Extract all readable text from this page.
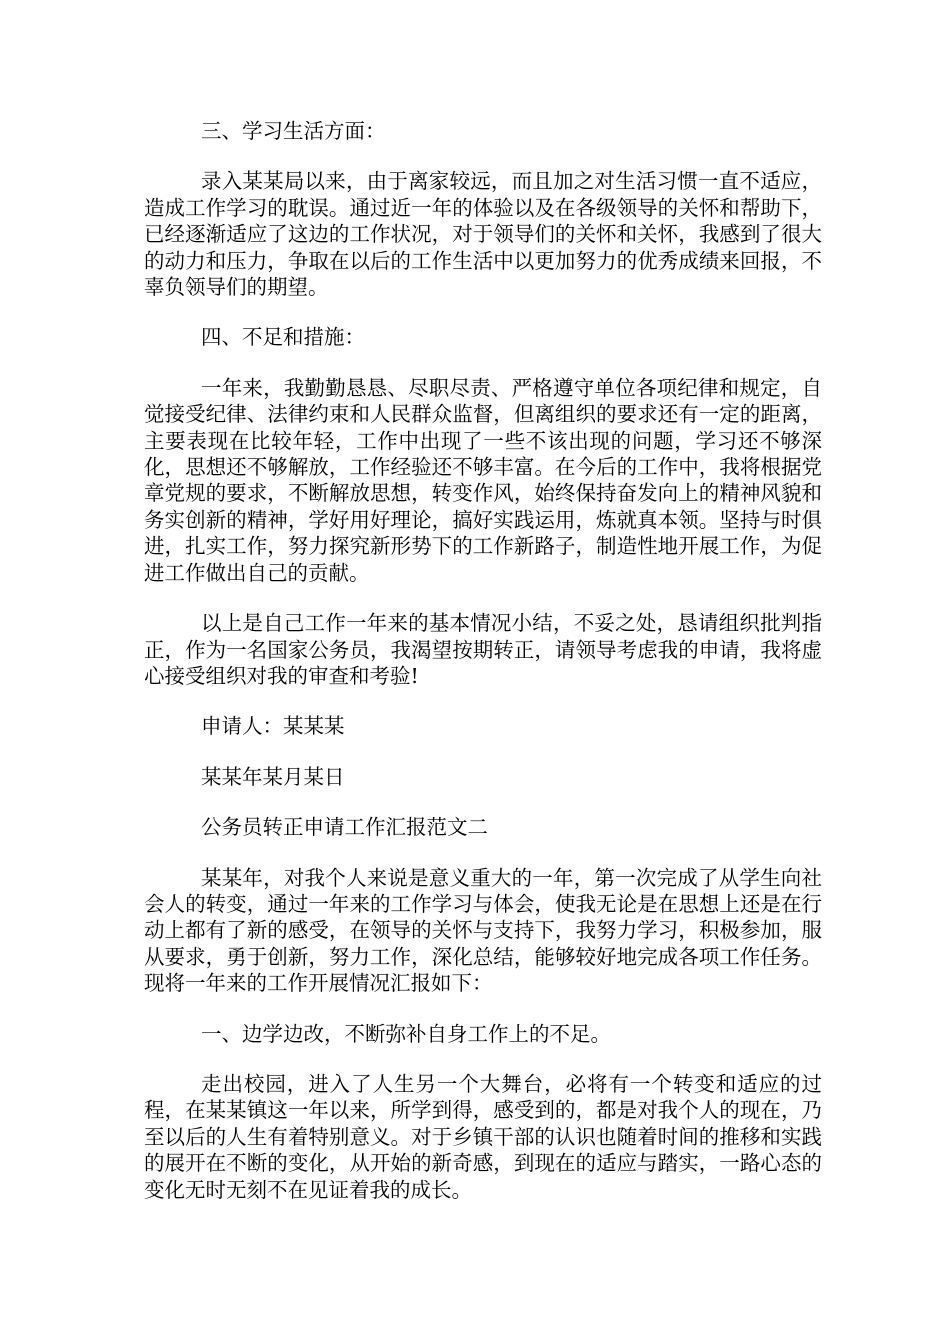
三、学习生活方面：

录入某某局以来，由于离家较远，而且加之对生活习惯一直不适应，造成工作学习的耽误。通过近一年的体验以及在各级领导的关怀和帮助下，已经逐渐适应了这边的工作状况，对于领导们的关怀和关怀，我感到了很大的动力和压力，争取在以后的工作生活中以更加努力的优秀成绩来回报，不辜负领导们的期望。

四、不足和措施：

一年来，我勤勤恳恳、尽职尽责、严格遵守单位各项纪律和规定，自觉接受纪律、法律约束和人民群众监督，但离组织的要求还有一定的距离，主要表现在比较年轻，工作中出现了一些不该出现的问题，学习还不够深化，思想还不够解放，工作经验还不够丰富。在今后的工作中，我将根据党章党规的要求，不断解放思想，转变作风，始终保持奋发向上的精神风貌和务实创新的精神，学好用好理论，搞好实践运用，炼就真本领。坚持与时俱进，扎实工作，努力探究新形势下的工作新路子，制造性地开展工作，为促进工作做出自己的贡献。

以上是自己工作一年来的基本情况小结，不妥之处，恳请组织批判指正，作为一名国家公务员，我渴望按期转正，请领导考虑我的申请，我将虚心接受组织对我的审查和考验!

申请人：某某某

某某年某月某日

公务员转正申请工作汇报范文二

某某年，对我个人来说是意义重大的一年，第一次完成了从学生向社会人的转变，通过一年来的工作学习与体会，使我无论是在思想上还是在行动上都有了新的感受，在领导的关怀与支持下，我努力学习，积极参加，服从要求，勇于创新，努力工作，深化总结，能够较好地完成各项工作任务。现将一年来的工作开展情况汇报如下：

一、边学边改，不断弥补自身工作上的不足。

走出校园，进入了人生另一个大舞台，必将有一个转变和适应的过程，在某某镇这一年以来，所学到得，感受到的，都是对我个人的现在，乃至以后的人生有着特别意义。对于乡镇干部的认识也随着时间的推移和实践的展开在不断的变化，从开始的新奇感，到现在的适应与踏实，一路心态的变化无时无刻不在见证着我的成长。
